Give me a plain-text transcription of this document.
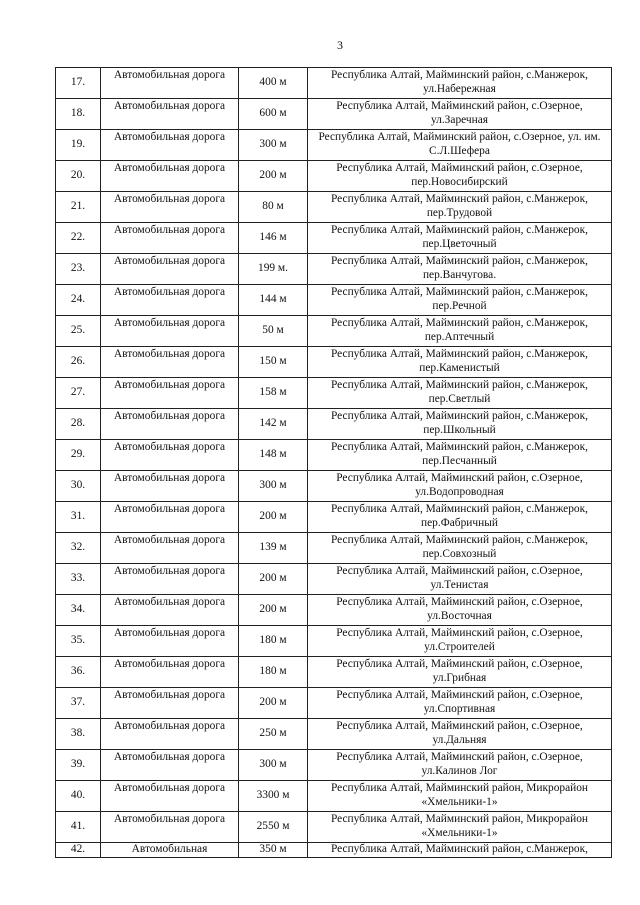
3
17.	Автомобильная дорога	400 м	Республика Алтай, Майминский район, с.Манжерок, ул.Набережная
18.	Автомобильная дорога	600 м	Республика Алтай, Майминский район, с.Озерное, ул.Заречная
19.	Автомобильная дорога	300 м	Республика Алтай, Майминский район, с.Озерное, ул. им. С.Л.Шефера
20.	Автомобильная дорога	200 м	Республика Алтай, Майминский район, с.Озерное, пер.Новосибирский
21.	Автомобильная дорога	80 м	Республика Алтай, Майминский район, с.Манжерок, пер.Трудовой
22.	Автомобильная дорога	146 м	Республика Алтай, Майминский район, с.Манжерок, пер.Цветочный
23.	Автомобильная дорога	199 м.	Республика Алтай, Майминский район, с.Манжерок, пер.Ванчугова.
24.	Автомобильная дорога	144 м	Республика Алтай, Майминский район, с.Манжерок, пер.Речной
25.	Автомобильная дорога	50 м	Республика Алтай, Майминский район, с.Манжерок, пер.Аптечный
26.	Автомобильная дорога	150 м	Республика Алтай, Майминский район, с.Манжерок, пер.Каменистый
27.	Автомобильная дорога	158 м	Республика Алтай, Майминский район, с.Манжерок, пер.Светлый
28.	Автомобильная дорога	142 м	Республика Алтай, Майминский район, с.Манжерок, пер.Школьный
29.	Автомобильная дорога	148 м	Республика Алтай, Майминский район, с.Манжерок, пер.Песчанный
30.	Автомобильная дорога	300 м	Республика Алтай, Майминский район, с.Озерное, ул.Водопроводная
31.	Автомобильная дорога	200 м	Республика Алтай, Майминский район, с.Манжерок, пер.Фабричный
32.	Автомобильная дорога	139 м	Республика Алтай, Майминский район, с.Манжерок, пер.Совхозный
33.	Автомобильная дорога	200 м	Республика Алтай, Майминский район, с.Озерное, ул.Тенистая
34.	Автомобильная дорога	200 м	Республика Алтай, Майминский район, с.Озерное, ул.Восточная
35.	Автомобильная дорога	180 м	Республика Алтай, Майминский район, с.Озерное, ул.Строителей
36.	Автомобильная дорога	180 м	Республика Алтай, Майминский район, с.Озерное, ул.Грибная
37.	Автомобильная дорога	200 м	Республика Алтай, Майминский район, с.Озерное, ул.Спортивная
38.	Автомобильная дорога	250 м	Республика Алтай, Майминский район, с.Озерное, ул.Дальняя
39.	Автомобильная дорога	300 м	Республика Алтай, Майминский район, с.Озерное, ул.Калинов Лог
40.	Автомобильная дорога	3300 м	Республика Алтай, Майминский район, Микрорайон «Хмельники-1»
41.	Автомобильная дорога	2550 м	Республика Алтай, Майминский район, Микрорайон «Хмельники-1»
42.	Автомобильная	350 м	Республика Алтай, Майминский район, с.Манжерок,
